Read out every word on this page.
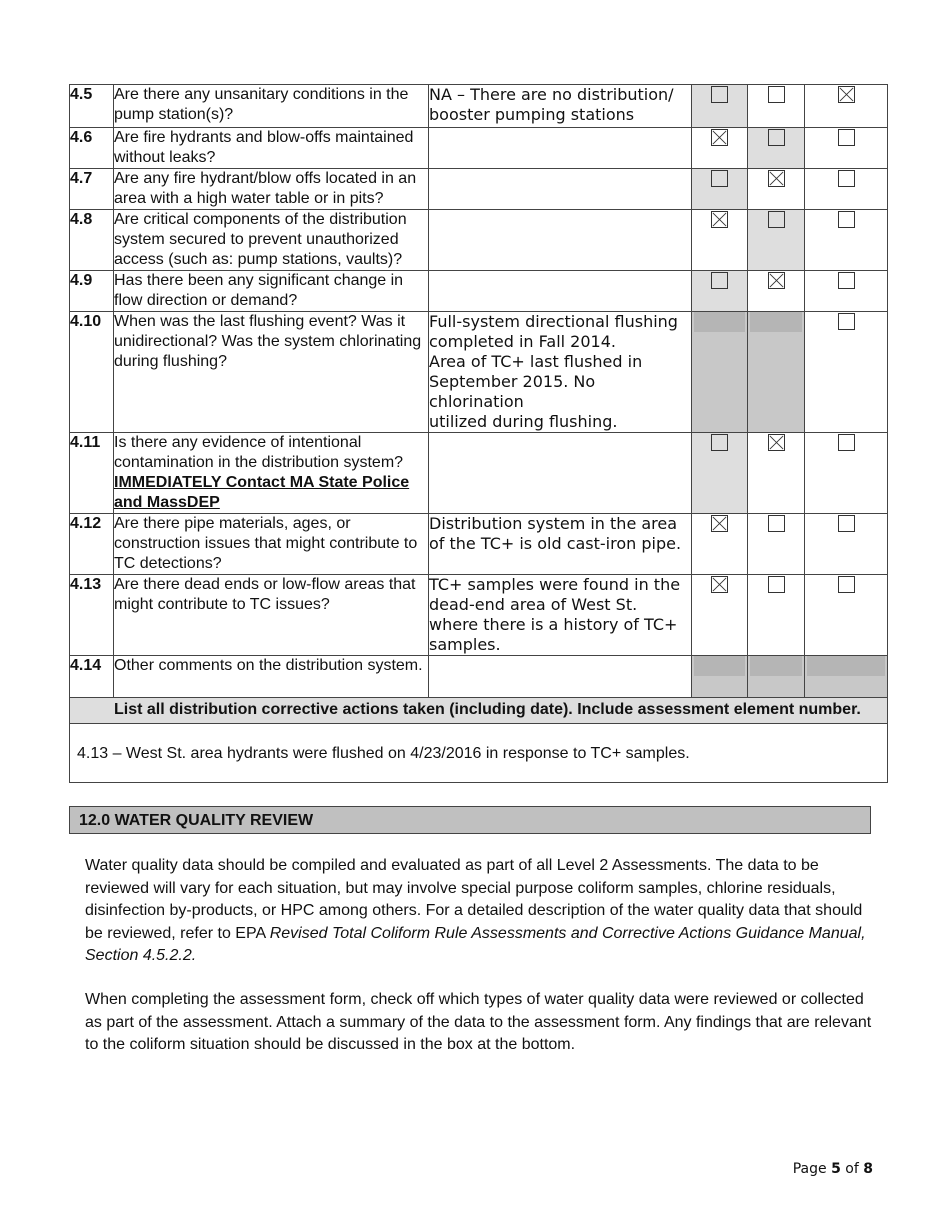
4.5	Are there any unsanitary conditions in the pump station(s)?	NA – There are no distribution/ booster pumping stations			

4.6	Are fire hydrants and blow-offs maintained without leaks?		

4.7	Are any fire hydrant/blow offs located in an area with a high water table or in pits?			

4.8	Are critical components of the distribution system secured to prevent unauthorized access (such as: pump stations, vaults)?		

4.9	Has there been any significant change in flow direction or demand?			

4.10	When was the last flushing event? Was it unidirectional? Was the system chlorinating during flushing?	Full-system directional flushing
completed in Fall 2014.
Area of TC+ last flushed in
September 2015. No chlorination
utilized during flushing.			

4.11	Is there any evidence of intentional contamination in the distribution system? IMMEDIATELY Contact MA State Police and MassDEP			

4.12	Are there pipe materials, ages, or construction issues that might contribute to TC detections?	Distribution system in the area of the TC+ is old cast-iron pipe.	

4.13	Are there dead ends or low-flow areas that might contribute to TC issues?	TC+ samples were found in the dead-end area of West St. where there is a history of TC+ samples.	

4.14	Other comments on the distribution system.		

List all distribution corrective actions taken (including date). Include assessment element number.					
4.13 – West St. area hydrants were flushed on 4/23/2016 in response to TC+ samples.					
12.0 WATER QUALITY REVIEW

Water quality data should be compiled and evaluated as part of all Level 2 Assessments. The data to be reviewed will vary for each situation, but may involve special purpose coliform samples, chlorine residuals, disinfection by-products, or HPC among others. For a detailed description of the water quality data that should be reviewed, refer to EPA Revised Total Coliform Rule Assessments and Corrective Actions Guidance Manual, Section 4.5.2.2.

When completing the assessment form, check off which types of water quality data were reviewed or collected as part of the assessment. Attach a summary of the data to the assessment form. Any findings that are relevant to the coliform situation should be discussed in the box at the bottom.

Page 5 of 8
